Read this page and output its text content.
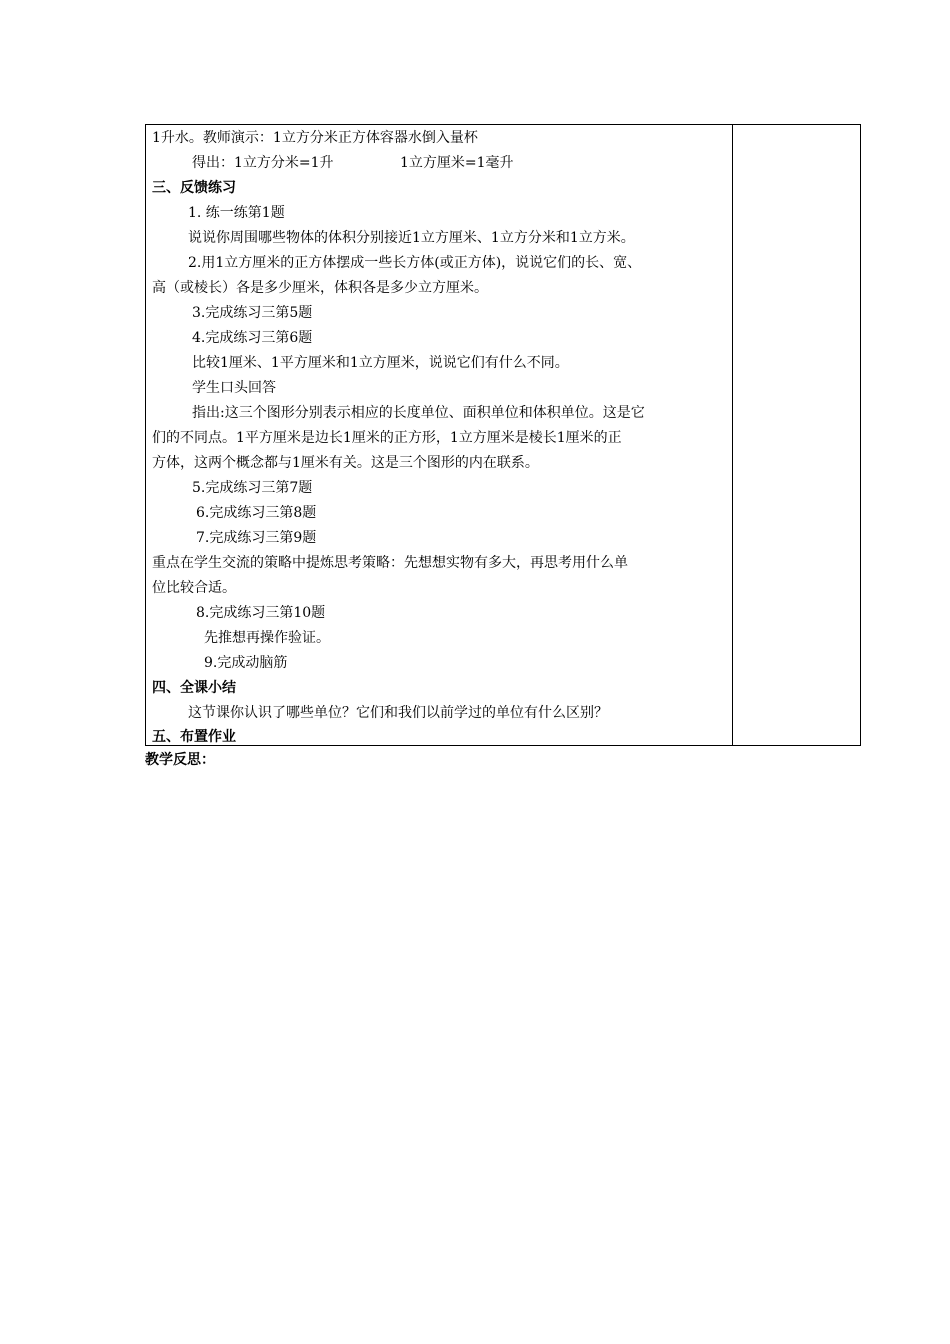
1升水。教师演示：1立方分米正方体容器水倒入量杯
得出：1立方分米=1升	1立方厘米=1毫升
三、反馈练习
1. 练一练第1题
说说你周围哪些物体的体积分别接近1立方厘米、1立方分米和1立方米。
2.用1立方厘米的正方体摆成一些长方体(或正方体)，说说它们的长、宽、
高（或棱长）各是多少厘米，体积各是多少立方厘米。
3.完成练习三第5题
4.完成练习三第6题
比较1厘米、1平方厘米和1立方厘米，说说它们有什么不同。
学生口头回答
指出:这三个图形分别表示相应的长度单位、面积单位和体积单位。这是它
们的不同点。1平方厘米是边长1厘米的正方形，1立方厘米是棱长1厘米的正
方体，这两个概念都与1厘米有关。这是三个图形的内在联系。
5.完成练习三第7题
6.完成练习三第8题
7.完成练习三第9题
重点在学生交流的策略中提炼思考策略：先想想实物有多大，再思考用什么单
位比较合适。
8.完成练习三第10题
先推想再操作验证。
9.完成动脑筋
四、全课小结
这节课你认识了哪些单位？它们和我们以前学过的单位有什么区别？
五、布置作业
教学反思：
